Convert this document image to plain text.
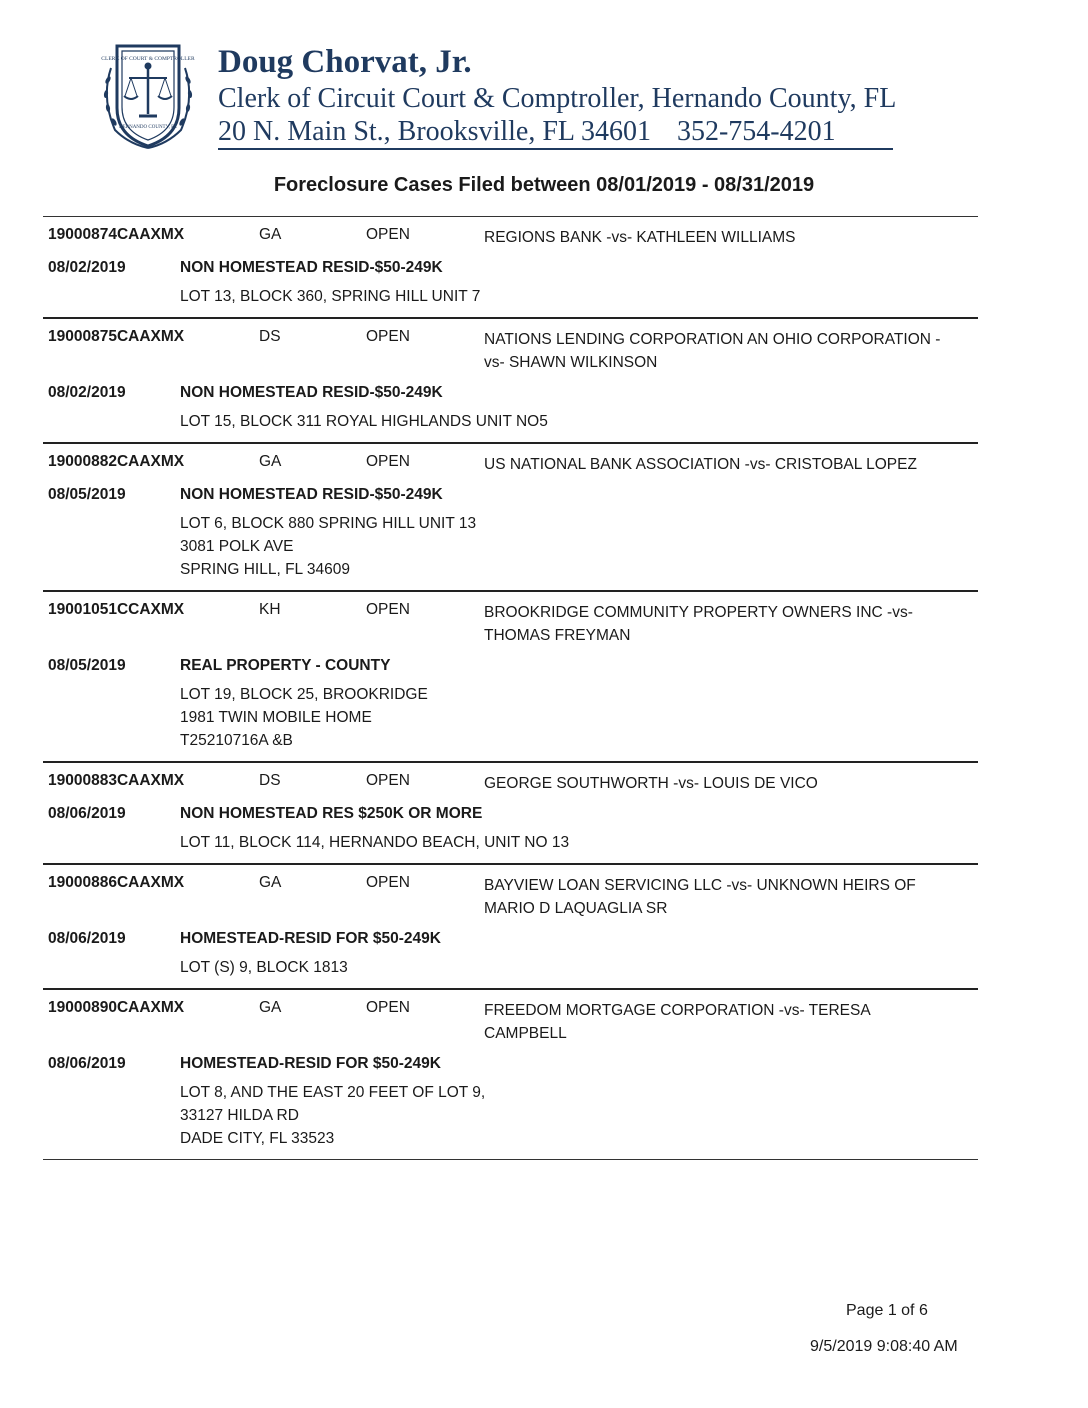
CLERK OF COURT & COMPTROLLER
HERNANDO COUNTY, FL
Doug Chorvat, Jr.
Clerk of Circuit Court & Comptroller, Hernando County, FL
20 N. Main St., Brooksville, FL 34601 352-754-4201
Foreclosure Cases Filed between 08/01/2019 - 08/31/2019
19000874CAAXMX	GA	OPEN	REGIONS BANK -vs- KATHLEEN WILLIAMS
08/02/2019	NON HOMESTEAD RESID-$50-249K
LOT 13, BLOCK 360, SPRING HILL UNIT 7
19000875CAAXMX	DS	OPEN	NATIONS LENDING CORPORATION AN OHIO CORPORATION -vs- SHAWN WILKINSON
08/02/2019	NON HOMESTEAD RESID-$50-249K
LOT 15, BLOCK 311 ROYAL HIGHLANDS UNIT NO5
19000882CAAXMX	GA	OPEN	US NATIONAL BANK ASSOCIATION -vs- CRISTOBAL LOPEZ
08/05/2019	NON HOMESTEAD RESID-$50-249K
LOT 6, BLOCK 880 SPRING HILL UNIT 13
3081 POLK AVE
SPRING HILL, FL 34609
19001051CCAXMX	KH	OPEN	BROOKRIDGE COMMUNITY PROPERTY OWNERS INC -vs- THOMAS FREYMAN
08/05/2019	REAL PROPERTY - COUNTY
LOT 19, BLOCK 25, BROOKRIDGE
1981 TWIN MOBILE HOME
T25210716A &B
19000883CAAXMX	DS	OPEN	GEORGE SOUTHWORTH -vs- LOUIS DE VICO
08/06/2019	NON HOMESTEAD RES $250K OR MORE
LOT 11, BLOCK 114, HERNANDO BEACH, UNIT NO 13
19000886CAAXMX	GA	OPEN	BAYVIEW LOAN SERVICING LLC -vs- UNKNOWN HEIRS OF MARIO D LAQUAGLIA SR
08/06/2019	HOMESTEAD-RESID FOR $50-249K
LOT (S) 9, BLOCK 1813
19000890CAAXMX	GA	OPEN	FREEDOM MORTGAGE CORPORATION -vs- TERESA CAMPBELL
08/06/2019	HOMESTEAD-RESID FOR $50-249K
LOT 8, AND THE EAST 20 FEET OF LOT 9,
33127 HILDA RD
DADE CITY, FL 33523
Page 1 of 6
9/5/2019 9:08:40 AM
